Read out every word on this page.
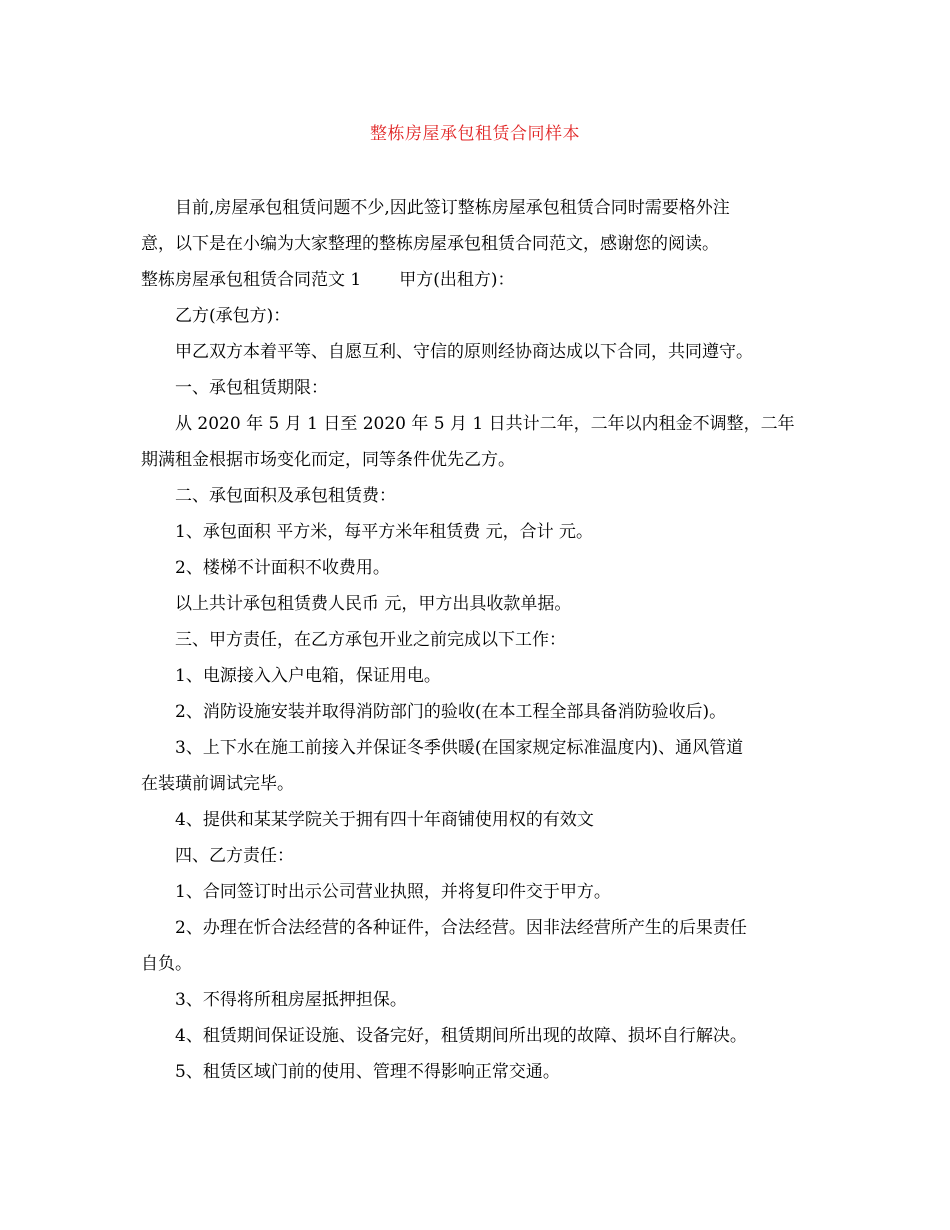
整栋房屋承包租赁合同样本

目前,房屋承包租赁问题不少,因此签订整栋房屋承包租赁合同时需要格外注

意，以下是在小编为大家整理的整栋房屋承包租赁合同范文，感谢您的阅读。

整栋房屋承包租赁合同范文 1 甲方(出租方)：

乙方(承包方)：

甲乙双方本着平等、自愿互利、守信的原则经协商达成以下合同，共同遵守。

一、承包租赁期限：

从 2020 年 5 月 1 日至 2020 年 5 月 1 日共计二年，二年以内租金不调整，二年

期满租金根据市场变化而定，同等条件优先乙方。

二、承包面积及承包租赁费：

1、承包面积 平方米，每平方米年租赁费 元，合计 元。

2、楼梯不计面积不收费用。

以上共计承包租赁费人民币 元，甲方出具收款单据。

三、甲方责任，在乙方承包开业之前完成以下工作：

1、电源接入入户电箱，保证用电。

2、消防设施安装并取得消防部门的验收(在本工程全部具备消防验收后)。

3、上下水在施工前接入并保证冬季供暖(在国家规定标准温度内)、通风管道

在装璜前调试完毕。

4、提供和某某学院关于拥有四十年商铺使用权的有效文

四、乙方责任：

1、合同签订时出示公司营业执照，并将复印件交于甲方。

2、办理在忻合法经营的各种证件，合法经营。因非法经营所产生的后果责任

自负。

3、不得将所租房屋抵押担保。

4、租赁期间保证设施、设备完好，租赁期间所出现的故障、损坏自行解决。

5、租赁区域门前的使用、管理不得影响正常交通。
